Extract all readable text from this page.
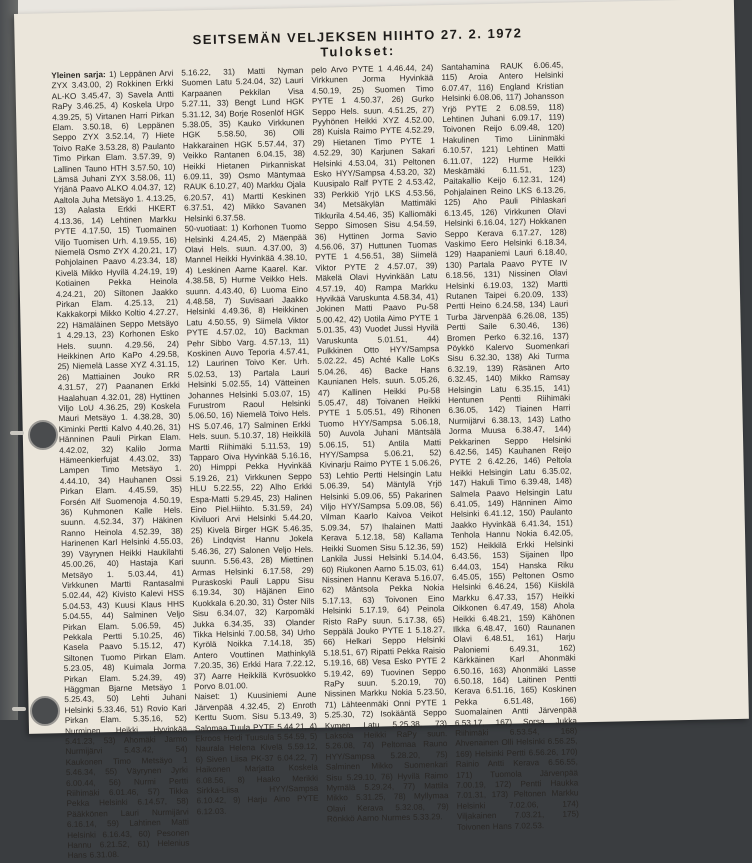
SEITSEMÄN VELJEKSEN HIIHTO 27. 2. 1972
Tulokset:

Yleinen sarja: 1) Leppänen Arvi ZYX 3.43.00, 2) Rokkinen Erkki AL-KO 3.45.47, 3) Savela Antti RaPy 3.46.25, 4) Koskela Urpo 4.39.25, 5) Virtanen Harri Pirkan Elam. 3.50.18, 6) Leppänen Seppo ZYX 3.52.14, 7) Hiete Toivo RaKe 3.53.28, 8) Paulanto Timo Pirkan Elam. 3.57.39, 9) Lallinen Tauno HTH 3.57.50, 10) Lämsä Juhani ZYX 3.58.06, 11) Yrjänä Paavo ALKO 4.04.37, 12) Aaltola Juha Metsäyo 1. 4.13.25, 13) Aalasta Erkki HKERT 4.13.36, 14) Lehtinen Markku PYTE 4.17.50, 15) Tuomainen Viljo Tuomisen Urh. 4.19.55, 16) Niemelä Osmo ZYX 4.20.21, 17) Pohjolainen Paavo 4.23.34, 18) Kivelä Mikko Hyvilä 4.24.19, 19) Kotiainen Pekka Heinola 4.24.21, 20) Siltonen Jaakko Pirkan Elam. 4.25.13, 21) Kakkakorpi Mikko Koltio 4.27.27, 22) Hämäläinen Seppo Metsäyo 1 4.29.13, 23) Korhonen Esko Hels. suunn. 4.29.56, 24) Heikkinen Arto KaPo 4.29.58, 25) Niemelä Lasse XYZ 4.31.15, 26) Mattiainen Jouko RR 4.31.57, 27) Paananen Erkki Haalahuan 4.32.01, 28) Hyttinen Viljo LoU 4.36.25, 29) Koskela Mauri Metsäyo 1. 4.38.28, 30) Kiminki Pertti Kalvo 4.40.26, 31) Hänninen Pauli Pirkan Elam. 4.42.02, 32) Kalilo Jorma Hämeenkierfujat 4.43.02, 33) Lampen Timo Metsäyo 1. 4.44.10, 34) Hauhanen Ossi Pirkan Elam. 4.45.59, 35) Forsén Alf Suomenoja 4.50.19, 36) Kuhmonen Kalle Hels. suunn. 4.52.34, 37) Häkinen Ranno Heinola 4.52.39, 38) Harinenen Karl Helsinki 4.55.03, 39) Väyrynen Heikki Haukilahti 45.00.26, 40) Hastaja Kari Metsäyo 1. 5.03.44, 41) Virkkunen Martti Rantasalmi 5.02.44, 42) Kivisto Kalevi HSS 5.04.53, 43) Kuusi Klaus HHS 5.04.55, 44) Salminen Veljo Pirkan Elam. 5.06.59, 45) Pekkala Pertti 5.10.25, 46) Kasela Paavo 5.15.12, 47) Siltonen Tuomo Pirkan Elam. 5.23.05, 48) Kuimala Jorma Pirkan Elam. 5.24.39, 49) Häggman Bjarne Metsäyo 1 5.25.43, 50) Lehti Juhani Helsinki 5.33.46, 51) Rovio Kari Pirkan Elam. 5.35.16, 52) Nurminen Heikki Hyvinkää 5.41.23, 53) Ahomäki Jarmo Nurmijärvi 5.43.42, 54) Kaukonen Timo Metsäyo 1 5.46.34, 55) Väyrynen Jyrki 6.00.44, 56) Nurmi Pertti Riihimäki 6.01.46, 57) Tikka Pekka Helsinki 6.14.57, 58) Pääkkönen Lauri Nurmijärvi 6.16.14, 59) Lahtinen Matti Helsinki 6.16.43, 60) Pesonen Hannu 6.21.52, 61) Helenius Hans 6.31.08.

5.16.22, 31) Matti Nyman Suomen Latu 5.24.04, 32) Lauri Karpaanen Pekkilan Visa 5.27.11, 33) Bengt Lund HGK 5.31.12, 34) Borje Rosenlöf HGK 5.38.05, 35) Kauko Virkkunen HGK 5.58.50, 36) Olli Hakkarainen HGK 5.57.44, 37) Veikko Rantanen 6.04.15, 38) Heikki Hietanen Pirkanniskat 6.09.11, 39) Osmo Mäntymaa RAUK 6.10.27, 40) Markku Ojala 6.20.57, 41) Martti Keskinen 6.37.51, 42) Mikko Savanen Helsinki 6.37.58.
50-vuotiaat: 1) Korhonen Tuomo Helsinki 4.24.45, 2) Mäenpää Olavi Hels. suun. 4.37.00, 3) Mannel Heikki Hyvinkää 4.38.10, 4) Leskinen Aarne Kaarel. Kar. 4.38.58, 5) Hurme Veikko Hels. suunn. 4.43.40, 6) Luoma Eino 4.48.58, 7) Suvisaari Jaakko Helsinki 4.49.36, 8) Heikkinen Latu 4.50.55, 9) Siimelä Viktor PYTE 4.57.02, 10) Backman Pehr Sibbo Varg. 4.57.13, 11) Koskinen Auvo Teporia 4.57.41, 12) Laurinen Toivo Ker. Urh. 5.02.53, 13) Partala Lauri Helsinki 5.02.55, 14) Vätteinen Johannes Helsinki 5.03.07, 15) Furustrom Raoul Helsinki 5.06.50, 16) Niemelä Toivo Hels. HS 5.07.46, 17) Salminen Erkki Hels. suun. 5.10.37, 18) Heikkilä Martti Riihimäki 5.11.53, 19) Tapparo Oiva Hyvinkää 5.16.16, 20) Himppi Pekka Hyvinkää 5.19.26, 21) Virkkunen Seppo HLU 5.22.55, 22) Alho Erkki Espa-Matti 5.29.45, 23) Halinen Eino Piel.Hiihto. 5.31.59, 24) Kiviluori Arvi Helsinki 5.44.20, 25) Kivelä Birger HGK 5.46.35, 26) Lindqvist Hannu Jokela 5.46.36, 27) Salonen Veljo Hels. suunn. 5.56.43, 28) Miettinen Armas Helsinki 6.17.58, 29) Puraskoski Pauli Lappu Sisu 6.19.34, 30) Häjänen Eino Kuokkala 6.20.30, 31) Öster Nils Sisu 6.34.07, 32) Karpomäki Jukka 6.34.35, 33) Olander Tikka Helsinki 7.00.58, 34) Urho Kyrölä Noikka 7.14.18, 35) Antero Vouttinen Mathinkylä 7.20.35, 36) Erkki Hara 7.22.12, 37) Aarre Heikkilä Kvrösuokko Porvo 8.01.00.
Naiset: 1) Kuusiniemi Aune Järvenpää 4.32.45, 2) Enroth Kerttu Suom. Sisu 5.13.49, 3) Salomaa Tuula PYTE 5.44.21, 4) Ekroos Heidi Tuusula 5.54.59, 5) Naurala Helena Kivelä 5.59.12, 6) Siven Liisa PK-37 6.04.22, 7) Haikonen Marjatta Koskela 6.08.56, 8) Haako Merikki Sirkka-Liisa HYY/Sampsa 6.10.42, 9) Harju Aino PYTE 6.12.03.

pelo Arvo PYTE 1 4.46.44, 24) Virkkunen Jorma Hyvinkää 4.50.19, 25) Suomen Timo PYTE 1 4.50.37, 26) Gurko Seppo Hels. suun. 4.51.25, 27) Pyyhönen Heikki XYZ 4.52.00, 28) Kuisla Raimo PYTE 4.52.29, 29) Hietanen Timo PYTE 1 4.52.29, 30) Karjunen Sakari Helsinki 4.53.04, 31) Peltonen Esko HYY/Sampsa 4.53.20, 32) Kuusipalo Ralf PYTE 2 4.53.42, 33) Perkkiö Yrjö LKS 4.53.56, 34) Metsäkylän Mattimäki Tikkurila 4.54.46, 35) Kalliomäki Seppo Simosen Sisu 4.54.59, 36) Hyttinen Jorma Savio 4.56.06, 37) Huttunen Tuomas PYTE 1 4.56.51, 38) Siimelä Viktor PYTE 2 4.57.07, 39) Mäkelä Olavi Hyvinkään Latu 4.57.19, 40) Rampa Markku Hyvikää Varuskunta 4.58.34, 41) Jokinen Matti Paavo Pu-58 5.00.42, 42) Uotila Aimo PYTE 1 5.01.35, 43) Vuodet Jussi Hyvilä Varuskunta 5.01.51, 44) Pulkkinen Otto HYY/Sampsa 5.02.22, 45) Achté Kalle LoKs 5.04.26, 46) Backe Hans Kaunianen Hels. suun. 5.05.26, 47) Kallinen Heikki Pu-58 5.05.47, 48) Toivanen Heikki PYTE 1 5.05.51, 49) Rihonen Tuomo HYY/Sampsa 5.06.18, 50) Auvola Juhani Mäntsälä 5.06.15, 51) Antila Matti HYY/Sampsa 5.06.21, 52) Kivinarju Raimo PYTE 1 5.06.26, 53) Lehtio Pertti Helsingin Latu 5.06.39, 54) Mäntylä Yrjö Helsinki 5.09.06, 55) Pakarinen Viljo HYY/Sampsa 5.09.08, 56) Vilman Kaarlo Kaivoa Veikot 5.09.34, 57) Ihalainen Matti Kerava 5.12.18, 58) Kallama Heikki Suomen Sisu 5.12.36, 59) Lankila Jussi Helsinki 5.14.04, 60) Riukonen Aarno 5.15.03, 61) Nissinen Hannu Kerava 5.16.07, 62) Mäntsola Pekka Nokia 5.17.13, 63) Toivonen Eino Helsinki 5.17.19, 64) Peinola Risto RaPy suun. 5.17.38, 65) Seppälä Jouko PYTE 1 5.18.27, 66) Helkari Seppo Helsinki 5.18.51, 67) Ripatti Pekka Raisio 5.19.16, 68) Vesa Esko PYTE 2 5.19.42, 69) Tuovinen Seppo RaPy suun. 5.20.19, 70) Nissinen Markku Nokia 5.23.50, 71) Lähteenmäki Onni PYTE 1 5.25.30, 72) Isokääntä Seppo Kymen Latu 5.25.38, 73) Laksola Heikki RaPy suun. 5.26.08, 74) Peltomaa Rauno HYY/Sampsa 5.28.20, 75) Salminen Mikko Suomenkari Sisu 5.29.10, 76) Hyvilä Raimo Myrnälä 5.29.24, 77) Mattila Mikko 5.31.25, 78) Myllymaa Olavi Kerava 5.32.08, 79) Rönkkö Aarno Nurmes 5.33.29.

Santahamina RAUK 6.06.45, 115) Aroia Antero Helsinki 6.07.47, 116) England Kristian Helsinki 6.08.06, 117) Johansson Yrjö PYTE 2 6.08.59, 118) Lehtinen Juhani 6.09.17, 119) Toivonen Reijo 6.09.48, 120) Hakulinen Timo Liininmäki 6.10.57, 121) Lehtinen Matti 6.11.07, 122) Hurme Heikki Meskämäki 6.11.51, 123) Paitakallio Keijo 6.12.31, 124) Pohjalainen Reino LKS 6.13.26, 125) Aho Pauli Pihlaskari 6.13.45, 126) Virkkunen Olavi Helsinki 6.16.04, 127) Hokkanen Seppo Kerava 6.17.27, 128) Vaskimo Eero Helsinki 6.18.34, 129) Haapaniemi Lauri 6.18.40, 130) Partala Paavo PYTE IV 6.18.56, 131) Nissinen Olavi Helsinki 6.19.03, 132) Martti Rutanen Taipei 6.20.09, 133) Pertti Heino 6.24.58, 134) Lauri Turba Järvenpää 6.26.08, 135) Pertti Saile 6.30.46, 136) Bromen Perko 6.32.16, 137) Pöykkö Kalervo Suomenkari Sisu 6.32.30, 138) Aki Turma 6.32.19, 139) Räsänen Arto 6.32.45, 140) Mikko Ramsay Helsingin Latu 6.35.15, 141) Hentunen Pentti Riihimäki 6.36.05, 142) Tiainen Harri Nurmijärvi 6.38.13, 143) Latho Jorma Muusa 6.38.47, 144) Pekkarinen Seppo Helsinki 6.42.56, 145) Kauhanen Reijo PYTE 2 6.42.26, 146) Peltola Heikki Helsingin Latu 6.35.02, 147) Hakuli Timo 6.39.48, 148) Salmela Paavo Helsingin Latu 6.41.05, 149) Hänninen Aimo Helsinki 6.41.12, 150) Paulanto Jaakko Hyvinkää 6.41.34, 151) Tenhola Hannu Nokia 6.42.05, 152) Heikkilä Erkki Helsinki 6.43.56, 153) Sijainen Ilpo 6.44.03, 154) Hanska Riku 6.45.05, 155) Peltonen Osmo Helsinki 6.46.24, 156) Kiiskilä Markku 6.47.33, 157) Heikki Oikkonen 6.47.49, 158) Ahola Heikki 6.48.21, 159) Kähönen Ilkka 6.48.47, 160) Raunanen Olavi 6.48.51, 161) Harju Paloniemi 6.49.31, 162) Kärkkäinen Karl Ahonmäki 6.50.16, 163) Ahonmäki Lasse 6.50.18, 164) Laitinen Pentti Kerava 6.51.16, 165) Koskinen Pekka 6.51.48, 166) Suomalainen Antti Järvenpää 6.53.17, 167) Sorsa Jukka Riihimäki 6.53.54, 168) Ahvenainen Olli Helsinki 6.56.25, 169) Helsinki Pertti 6.56.26, 170) Rainio Antti Kerava 6.56.55, 171) Tuomola Järvenpää 7.00.19, 172) Pentti Haukka 7.01.31, 173) Peltonen Markku Helsinki 7.02.06, 174) Viljakainen 7.03.21, 175) Toivonen Hans 7.02.53.
